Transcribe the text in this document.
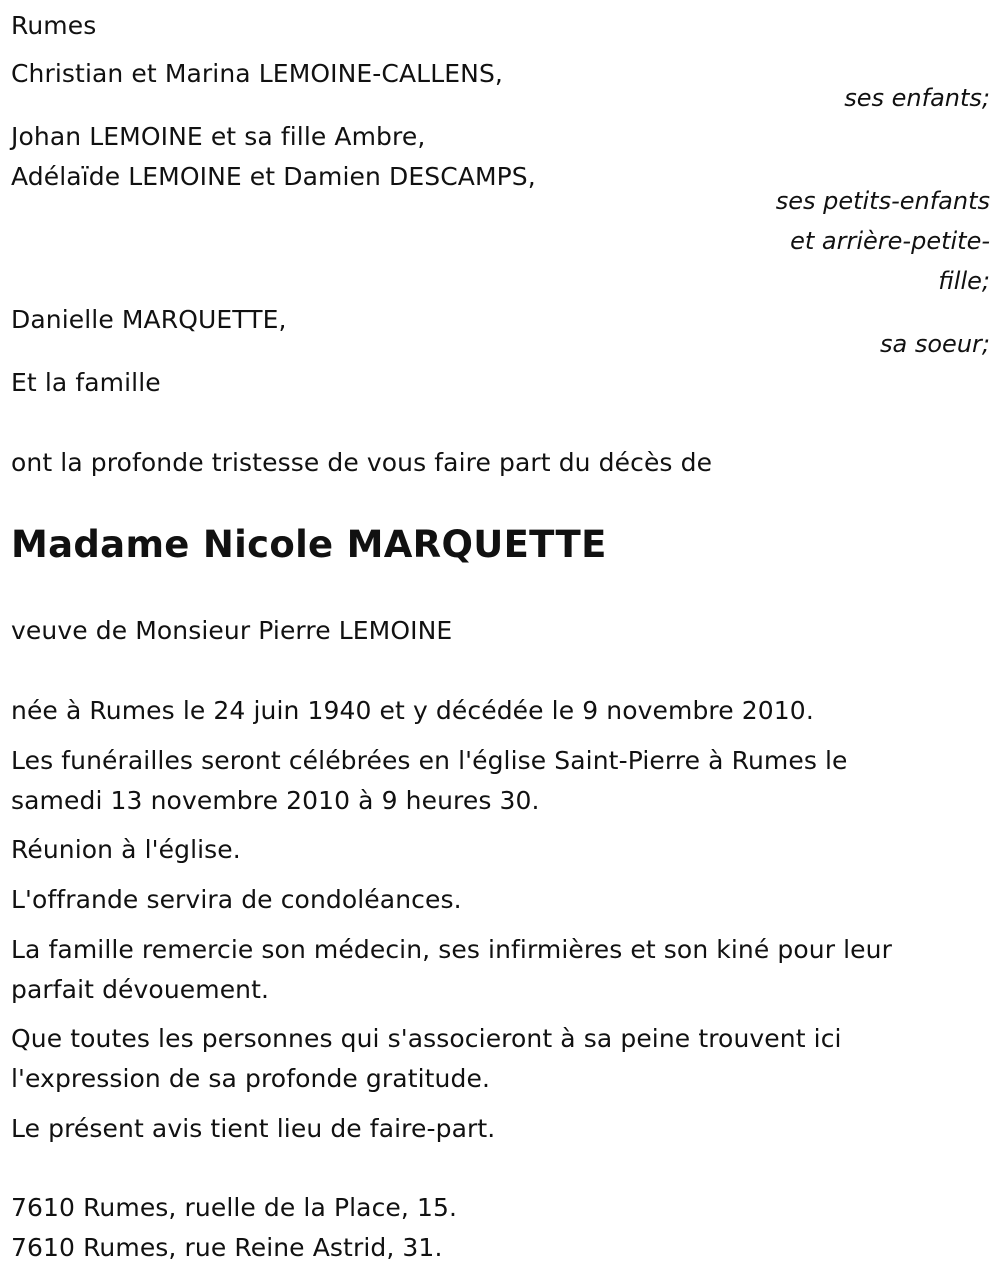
Rumes
Christian et Marina LEMOINE-CALLENS,
ses enfants;
Johan LEMOINE et sa fille Ambre,
Adélaïde LEMOINE et Damien DESCAMPS,
ses petits-enfants
et arrière-petite-
fille;
Danielle MARQUETTE,
sa soeur;
Et la famille
ont la profonde tristesse de vous faire part du décès de
Madame Nicole MARQUETTE
veuve de Monsieur Pierre LEMOINE
née à Rumes le 24 juin 1940 et y décédée le 9 novembre 2010.
Les funérailles seront célébrées en l'église Saint-Pierre à Rumes le
samedi 13 novembre 2010 à 9 heures 30.
Réunion à l'église.
L'offrande servira de condoléances.
La famille remercie son médecin, ses infirmières et son kiné pour leur
parfait dévouement.
Que toutes les personnes qui s'associeront à sa peine trouvent ici
l'expression de sa profonde gratitude.
Le présent avis tient lieu de faire-part.
7610 Rumes, ruelle de la Place, 15.
7610 Rumes, rue Reine Astrid, 31.
